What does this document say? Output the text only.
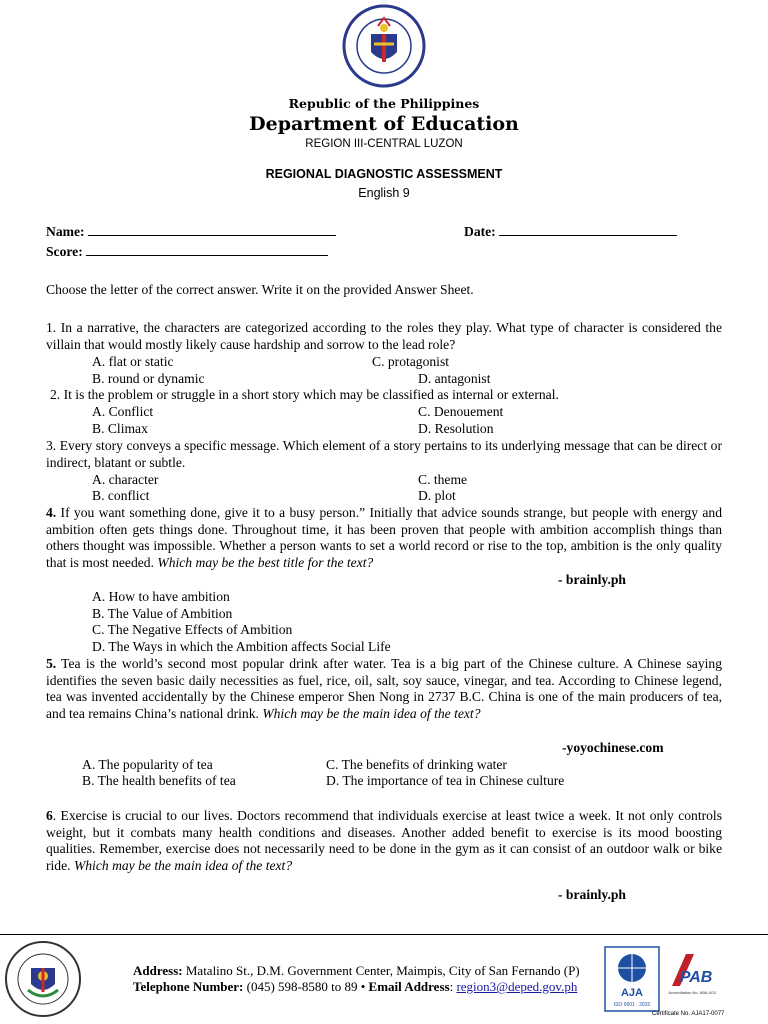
Republic of the Philippines
Department of Education
REGION III-CENTRAL LUZON
REGIONAL DIAGNOSTIC ASSESSMENT
English 9
Name:	Date:
Score:
Choose the letter of the correct answer. Write it on the provided Answer Sheet.
1. In a narrative, the characters are categorized according to the roles they play. What type of character is considered the villain that would mostly likely cause hardship and sorrow to the lead role?
A. flat or static	C. protagonist
B. round or dynamic	D. antagonist
2. It is the problem or struggle in a short story which may be classified as internal or external.
A. Conflict	C. Denouement
B. Climax	D. Resolution
3. Every story conveys a specific message. Which element of a story pertains to its underlying message that can be direct or indirect, blatant or subtle.
A. character	C. theme
B. conflict	D. plot
4. If you want something done, give it to a busy person.” Initially that advice sounds strange, but people with energy and ambition often gets things done. Throughout time, it has been proven that people with ambition accomplish things than others thought was impossible. Whether a person wants to set a world record or rise to the top, ambition is the only quality that is most needed. Which may be the best title for the text?
- brainly.ph
A. How to have ambition
B. The Value of Ambition
C. The Negative Effects of Ambition
D. The Ways in which the Ambition affects Social Life
5. Tea is the world’s second most popular drink after water. Tea is a big part of the Chinese culture. A Chinese saying identifies the seven basic daily necessities as fuel, rice, oil, salt, soy sauce, vinegar, and tea. According to Chinese legend, tea was invented accidentally by the Chinese emperor Shen Nong in 2737 B.C. China is one of the main producers of tea, and tea remains China’s national drink. Which may be the main idea of the text?
-yoyochinese.com
A. The popularity of tea	C. The benefits of drinking water
B. The health benefits of tea	D. The importance of tea in Chinese culture
6. Exercise is crucial to our lives. Doctors recommend that individuals exercise at least twice a week. It not only controls weight, but it combats many health conditions and diseases. Another added benefit to exercise is its mood boosting qualities. Remember, exercise does not necessarily need to be done in the gym as it can consist of an outdoor walk or bike ride. Which may be the main idea of the text?
- brainly.ph
Address: Matalino St., D.M. Government Center, Maimpis, City of San Fernando (P)
Telephone Number: (045) 598-8580 to 89 • Email Address: region3@deped.gov.ph	AJA
ISO 9001 : 2015
PAB
Accreditation No. ABA-003
Certificate No. AJA17-0077
